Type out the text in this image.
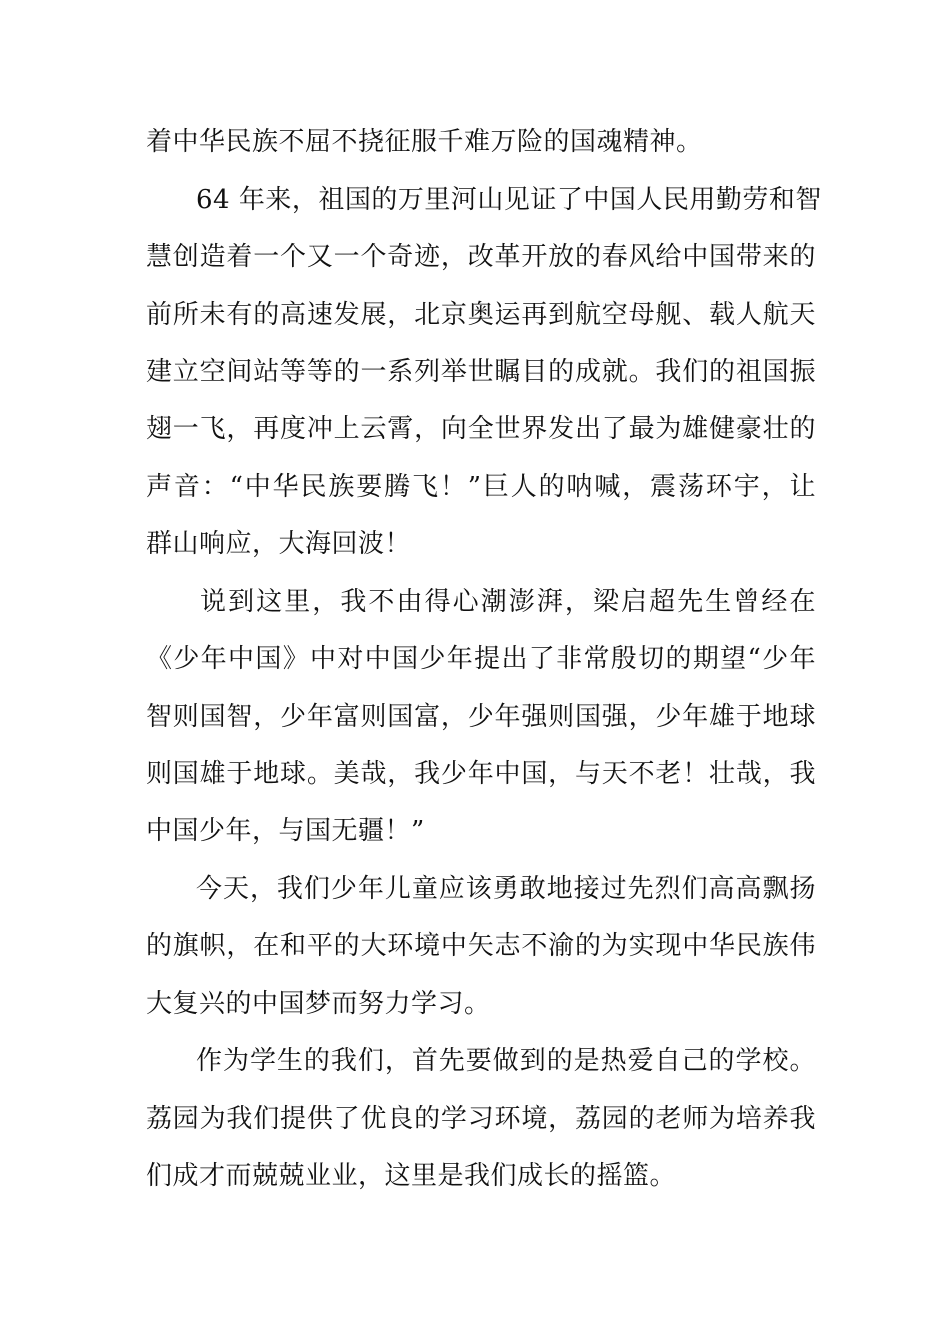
着中华民族不屈不挠征服千难万险的国魂精神。
64 年来，祖国的万里河山见证了中国人民用勤劳和智
慧创造着一个又一个奇迹，改革开放的春风给中国带来的
前所未有的高速发展，北京奥运再到航空母舰、载人航天
建立空间站等等的一系列举世瞩目的成就。我们的祖国振
翅一飞，再度冲上云霄，向全世界发出了最为雄健豪壮的
声音：“中华民族要腾飞！”巨人的呐喊，震荡环宇，让
群山响应，大海回波！
说到这里，我不由得心潮澎湃，梁启超先生曾经在
《少年中国》中对中国少年提出了非常殷切的期望“少年
智则国智，少年富则国富，少年强则国强，少年雄于地球
则国雄于地球。美哉，我少年中国，与天不老！壮哉，我
中国少年，与国无疆！”
今天，我们少年儿童应该勇敢地接过先烈们高高飘扬
的旗帜，在和平的大环境中矢志不渝的为实现中华民族伟
大复兴的中国梦而努力学习。
作为学生的我们，首先要做到的是热爱自己的学校。
荔园为我们提供了优良的学习环境，荔园的老师为培养我
们成才而兢兢业业，这里是我们成长的摇篮。
